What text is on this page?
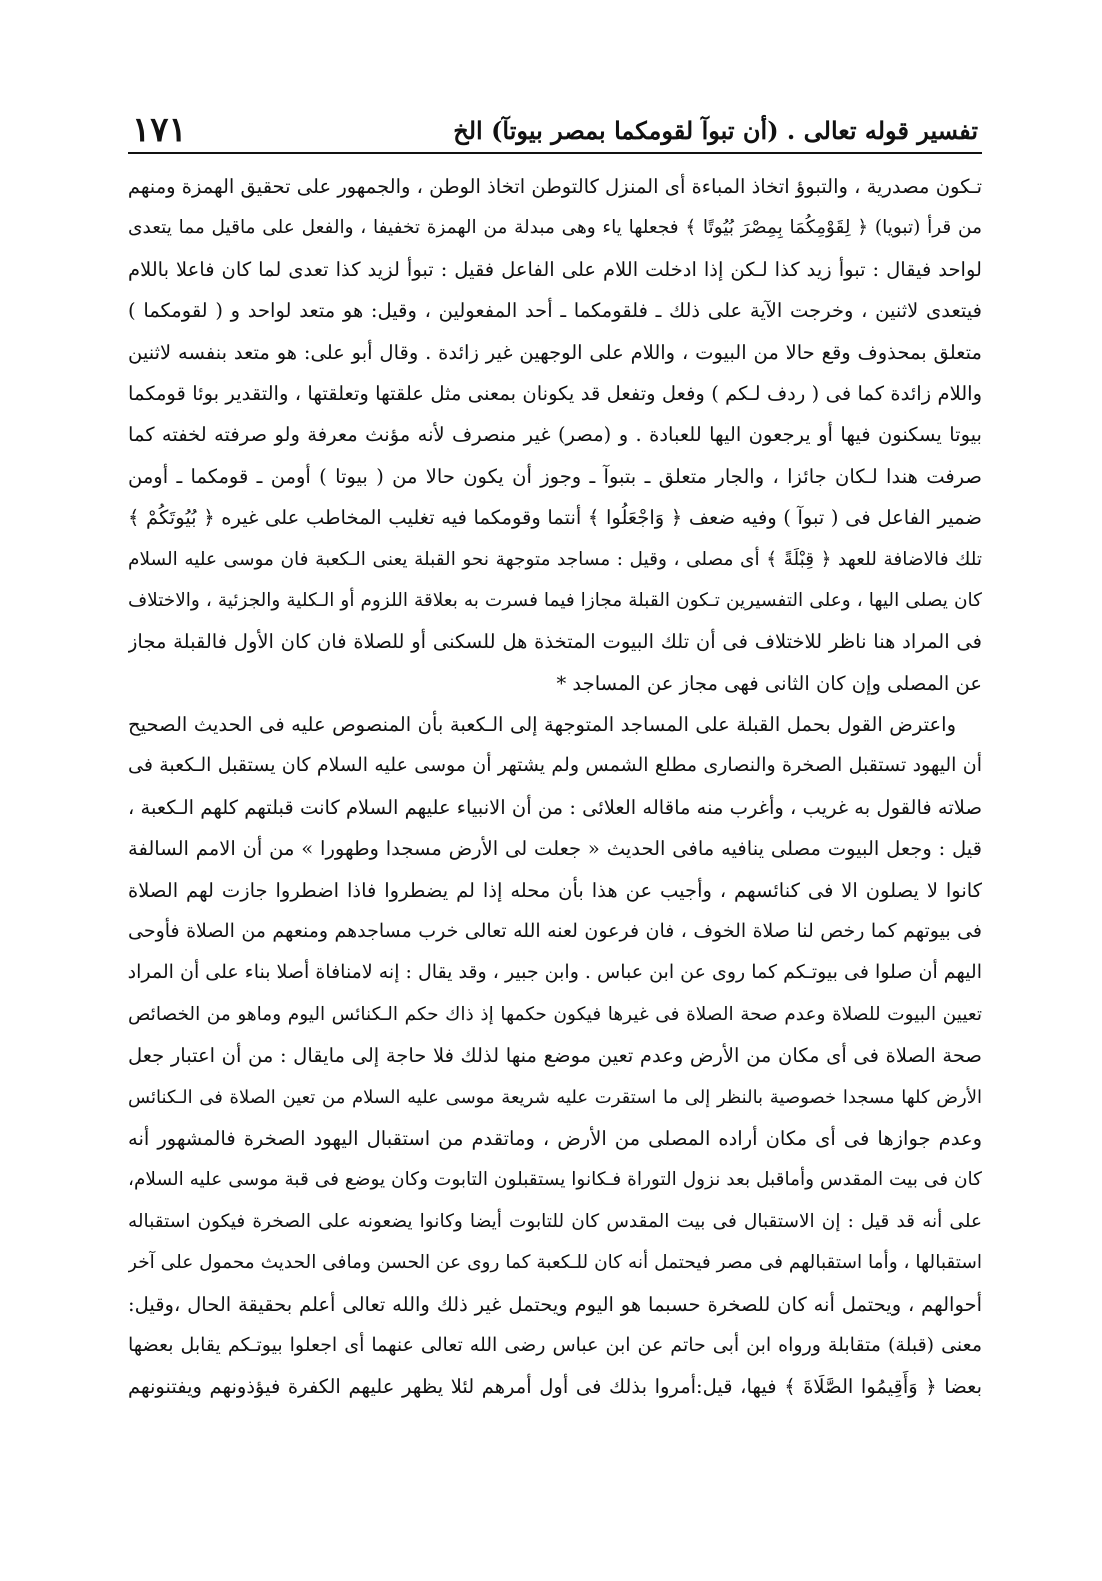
تفسير قوله تعالى . (أن تبوآ لقومكما بمصر بيوتآ) الخ
١٧١
تـكون مصدرية ، والتبوؤ اتخاذ المباءة أى المنزل كالتوطن اتخاذ الوطن ، والجمهور على تحقيق الهمزة ومنهم
من قرأ (تبويا) ﴿ لِقَوْمِكُمَا بِمِصْرَ بُيُوتًا ﴾ فجعلها ياء وهى مبدلة من الهمزة تخفيفا ، والفعل على ماقيل مما يتعدى
لواحد فيقال : تبوأ زيد كذا لـكن إذا ادخلت اللام على الفاعل فقيل : تبوأ لزيد كذا تعدى لما كان فاعلا باللام
فيتعدى لاثنين ، وخرجت الآية على ذلك ـ فلقومكما ـ أحد المفعولين ، وقيل: هو متعد لواحد و ( لقومكما )
متعلق بمحذوف وقع حالا من البيوت ، واللام على الوجهين غير زائدة . وقال أبو على: هو متعد بنفسه لاثنين
واللام زائدة كما فى ( ردف لـكم ) وفعل وتفعل قد يكونان بمعنى مثل علقتها وتعلقتها ، والتقدير بوئا قومكما
بيوتا يسكنون فيها أو يرجعون اليها للعبادة . و (مصر) غير منصرف لأنه مؤنث معرفة ولو صرفته لخفته كما
صرفت هندا لـكان جائزا ، والجار متعلق ـ بتبوآ ـ وجوز أن يكون حالا من ( بيوتا ) أومن ـ قومكما ـ أومن
ضمير الفاعل فى ( تبوآ ) وفيه ضعف ﴿ وَاجْعَلُوا ﴾ أنتما وقومكما فيه تغليب المخاطب على غيره ﴿ بُيُوتَكُمْ ﴾
تلك فالاضافة للعهد ﴿ قِبْلَةً ﴾ أى مصلى ، وقيل : مساجد متوجهة نحو القبلة يعنى الـكعبة فان موسى عليه السلام
كان يصلى اليها ، وعلى التفسيرين تـكون القبلة مجازا فيما فسرت به بعلاقة اللزوم أو الـكلية والجزئية ، والاختلاف
فى المراد هنا ناظر للاختلاف فى أن تلك البيوت المتخذة هل للسكنى أو للصلاة فان كان الأول فالقبلة مجاز
عن المصلى وإن كان الثانى فهى مجاز عن المساجد *
واعترض القول بحمل القبلة على المساجد المتوجهة إلى الـكعبة بأن المنصوص عليه فى الحديث الصحيح
أن اليهود تستقبل الصخرة والنصارى مطلع الشمس ولم يشتهر أن موسى عليه السلام كان يستقبل الـكعبة فى
صلاته فالقول به غريب ، وأغرب منه ماقاله العلائى : من أن الانبياء عليهم السلام كانت قبلتهم كلهم الـكعبة ،
قيل : وجعل البيوت مصلى ينافيه مافى الحديث « جعلت لى الأرض مسجدا وطهورا » من أن الامم السالفة
كانوا لا يصلون الا فى كنائسهم ، وأجيب عن هذا بأن محله إذا لم يضطروا فاذا اضطروا جازت لهم الصلاة
فى بيوتهم كما رخص لنا صلاة الخوف ، فان فرعون لعنه الله تعالى خرب مساجدهم ومنعهم من الصلاة فأوحى
اليهم أن صلوا فى بيوتـكم كما روى عن ابن عباس . وابن جبير ، وقد يقال : إنه لامنافاة أصلا بناء على أن المراد
تعيين البيوت للصلاة وعدم صحة الصلاة فى غيرها فيكون حكمها إذ ذاك حكم الـكنائس اليوم وماهو من الخصائص
صحة الصلاة فى أى مكان من الأرض وعدم تعين موضع منها لذلك فلا حاجة إلى مايقال : من أن اعتبار جعل
الأرض كلها مسجدا خصوصية بالنظر إلى ما استقرت عليه شريعة موسى عليه السلام من تعين الصلاة فى الـكنائس
وعدم جوازها فى أى مكان أراده المصلى من الأرض ، وماتقدم من استقبال اليهود الصخرة فالمشهور أنه
كان فى بيت المقدس وأماقبل بعد نزول التوراة فـكانوا يستقبلون التابوت وكان يوضع فى قبة موسى عليه السلام،
على أنه قد قيل : إن الاستقبال فى بيت المقدس كان للتابوت أيضا وكانوا يضعونه على الصخرة فيكون استقباله
استقبالها ، وأما استقبالهم فى مصر فيحتمل أنه كان للـكعبة كما روى عن الحسن ومافى الحديث محمول على آخر
أحوالهم ، ويحتمل أنه كان للصخرة حسبما هو اليوم ويحتمل غير ذلك والله تعالى أعلم بحقيقة الحال ،وقيل:
معنى (قبلة) متقابلة ورواه ابن أبى حاتم عن ابن عباس رضى الله تعالى عنهما أى اجعلوا بيوتـكم يقابل بعضها
بعضا ﴿ وَأَقِيمُوا الصَّلَاةَ ﴾ فيها، قيل:أمروا بذلك فى أول أمرهم لئلا يظهر عليهم الكفرة فيؤذونهم ويفتنونهم
